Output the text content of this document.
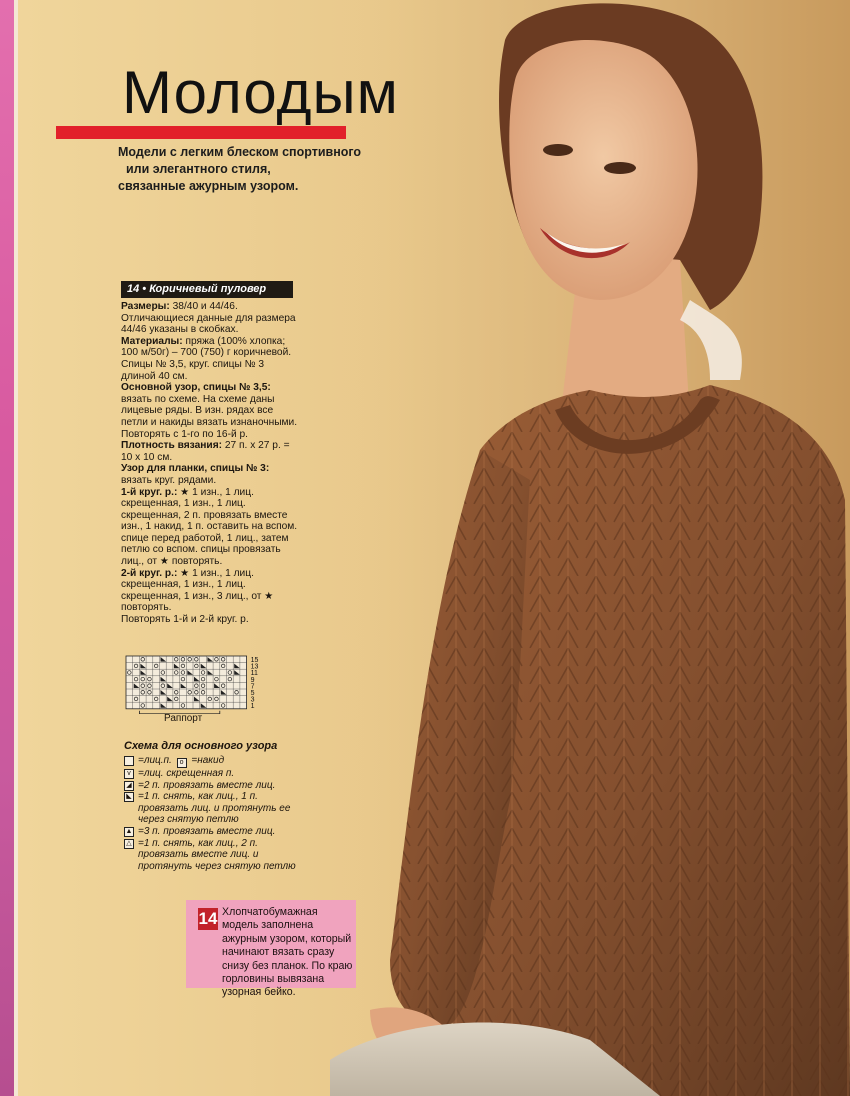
Молодым
Модели с легким блеском спортивного
или элегантного стиля,
связанные ажурным узором.
14 • Коричневый пуловер

Размеры: 38/40 и 44/46.

Отличающиеся данные для размера 44/46 указаны в скобках.

Материалы: пряжа (100% хлопка; 100 м/50г) – 700 (750) г коричневой. Спицы № 3,5, круг. спицы № 3 длиной 40 см.

Основной узор, спицы № 3,5: вязать по схеме. На схеме даны лицевые ряды. В изн. рядах все петли и накиды вязать изнаночными.

Повторять с 1-го по 16-й р.

Плотность вязания: 27 п. x 27 р. = 10 x 10 см.

Узор для планки, спицы № 3: вязать круг. рядами.

1-й круг. р.: ★ 1 изн., 1 лиц. скрещенная, 1 изн., 1 лиц. скрещенная, 2 п. провязать вместе изн., 1 накид, 1 п. оставить на вспом. спице перед работой, 1 лиц., затем петлю со вспом. спицы провязать лиц., от ★ повторять.

2-й круг. р.: ★ 1 изн., 1 лиц. скрещенная, 1 изн., 1 лиц. скрещенная, 1 изн., 3 лиц., от ★ повторять.

Повторять 1-й и 2-й круг. р.

15
13
11
9
7
5
3
1
Раппорт
Схема для основного узора
=лиц.п. o =накид
v =лиц. скрещенная п.
◢ =2 п. провязать вместе лиц.
◣ =1 п. снять, как лиц., 1 п. провязать лиц. и протянуть ее через снятую петлю
▲ =3 п. провязать вместе лиц.
△ =1 п. снять, как лиц., 2 п. провязать вместе лиц. и протянуть через снятую петлю
14 Хлопчатобумажная модель заполнена ажурным узором, который начинают вязать сразу снизу без планок. По краю горловины вывязана узорная бейко.
